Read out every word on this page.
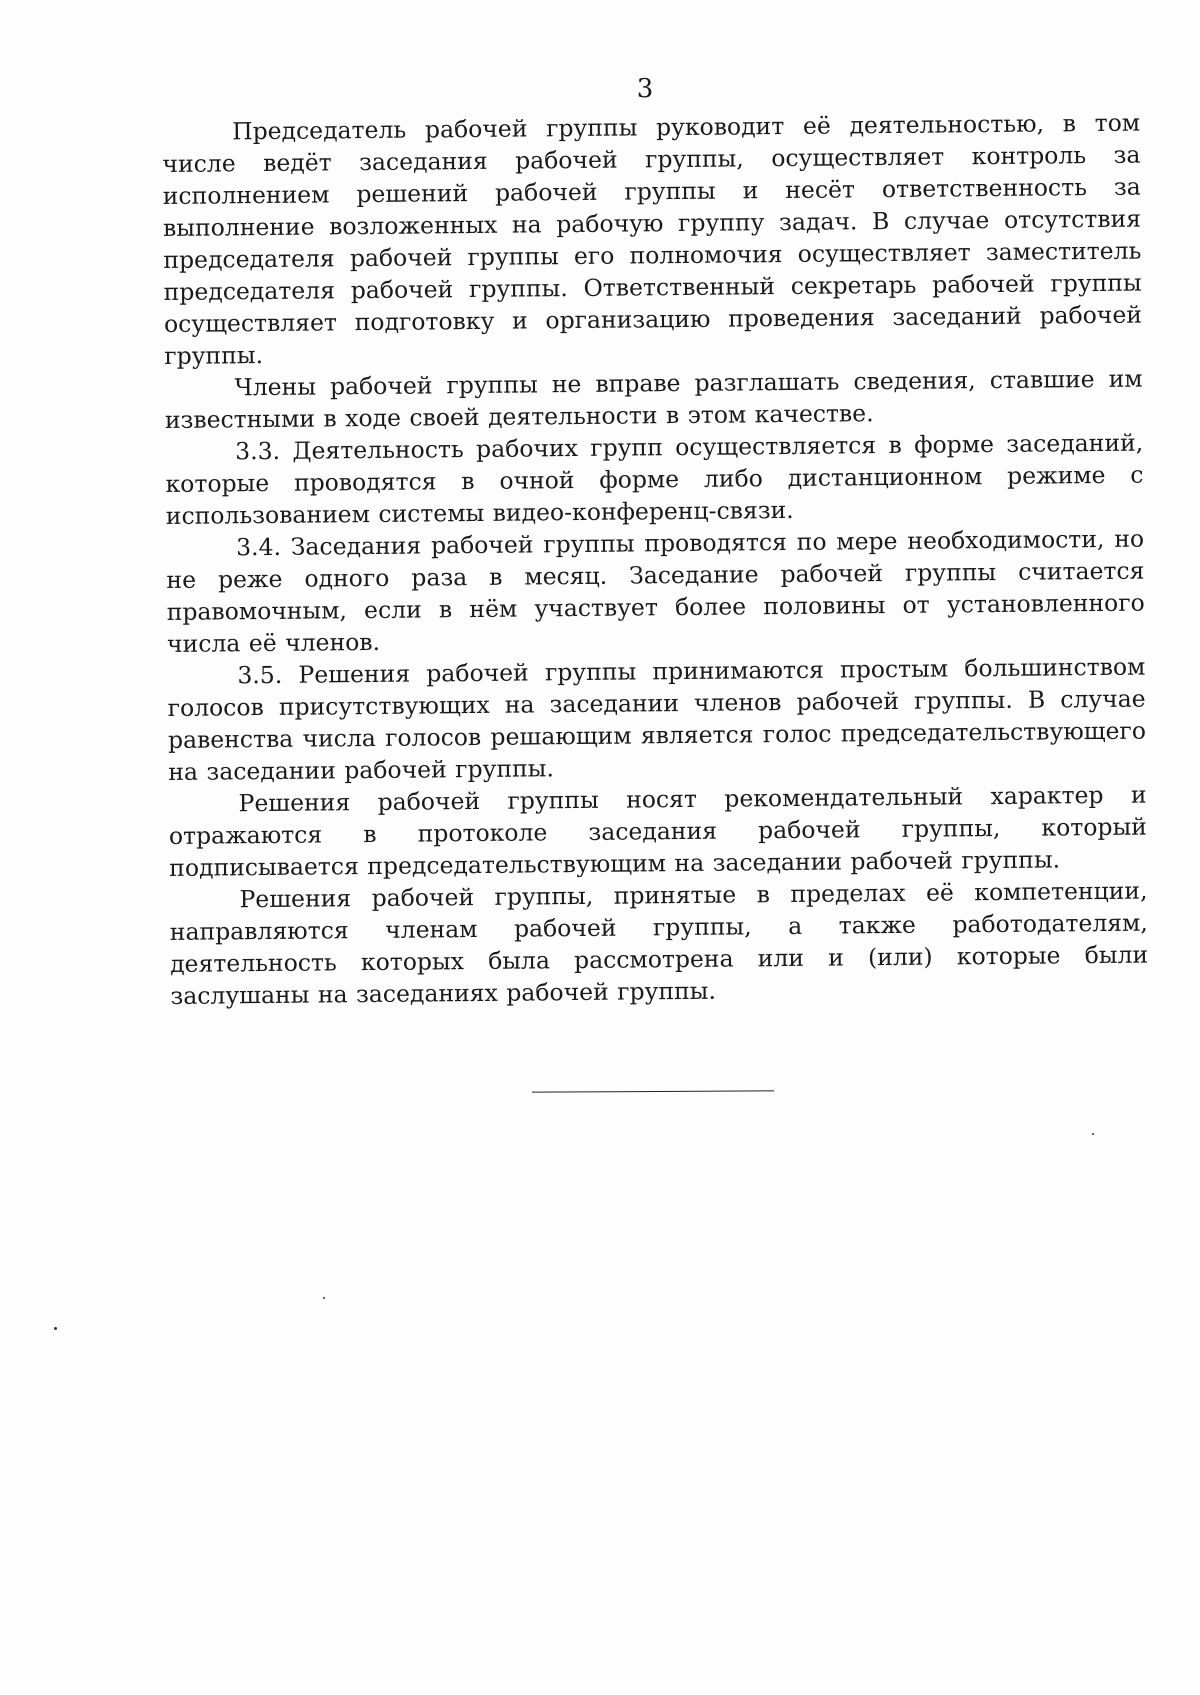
3

Председатель рабочей группы руководит её деятельностью, в том числе ведёт заседания рабочей группы, осуществляет контроль за исполнением решений рабочей группы и несёт ответственность за выполнение возложенных на рабочую группу задач. В случае отсутствия председателя рабочей группы его полномочия осуществляет заместитель председателя рабочей группы. Ответственный секретарь рабочей группы осуществляет подготовку и организацию проведения заседаний рабочей группы.

Члены рабочей группы не вправе разглашать сведения, ставшие им известными в ходе своей деятельности в этом качестве.

3.3. Деятельность рабочих групп осуществляется в форме заседаний, которые проводятся в очной форме либо дистанционном режиме с использованием системы видео-конференц-связи.

3.4. Заседания рабочей группы проводятся по мере необходимости, но не реже одного раза в месяц. Заседание рабочей группы считается правомочным, если в нём участвует более половины от установленного числа её членов.

3.5. Решения рабочей группы принимаются простым большинством голосов присутствующих на заседании членов рабочей группы. В случае равенства числа голосов решающим является голос председательствующего на заседании рабочей группы.

Решения рабочей группы носят рекомендательный характер и отражаются в протоколе заседания рабочей группы, который подписывается председательствующим на заседании рабочей группы.

Решения рабочей группы, принятые в пределах её компетенции, направляются членам рабочей группы, а также работодателям, деятельность которых была рассмотрена или и (или) которые были заслушаны на заседаниях рабочей группы.
